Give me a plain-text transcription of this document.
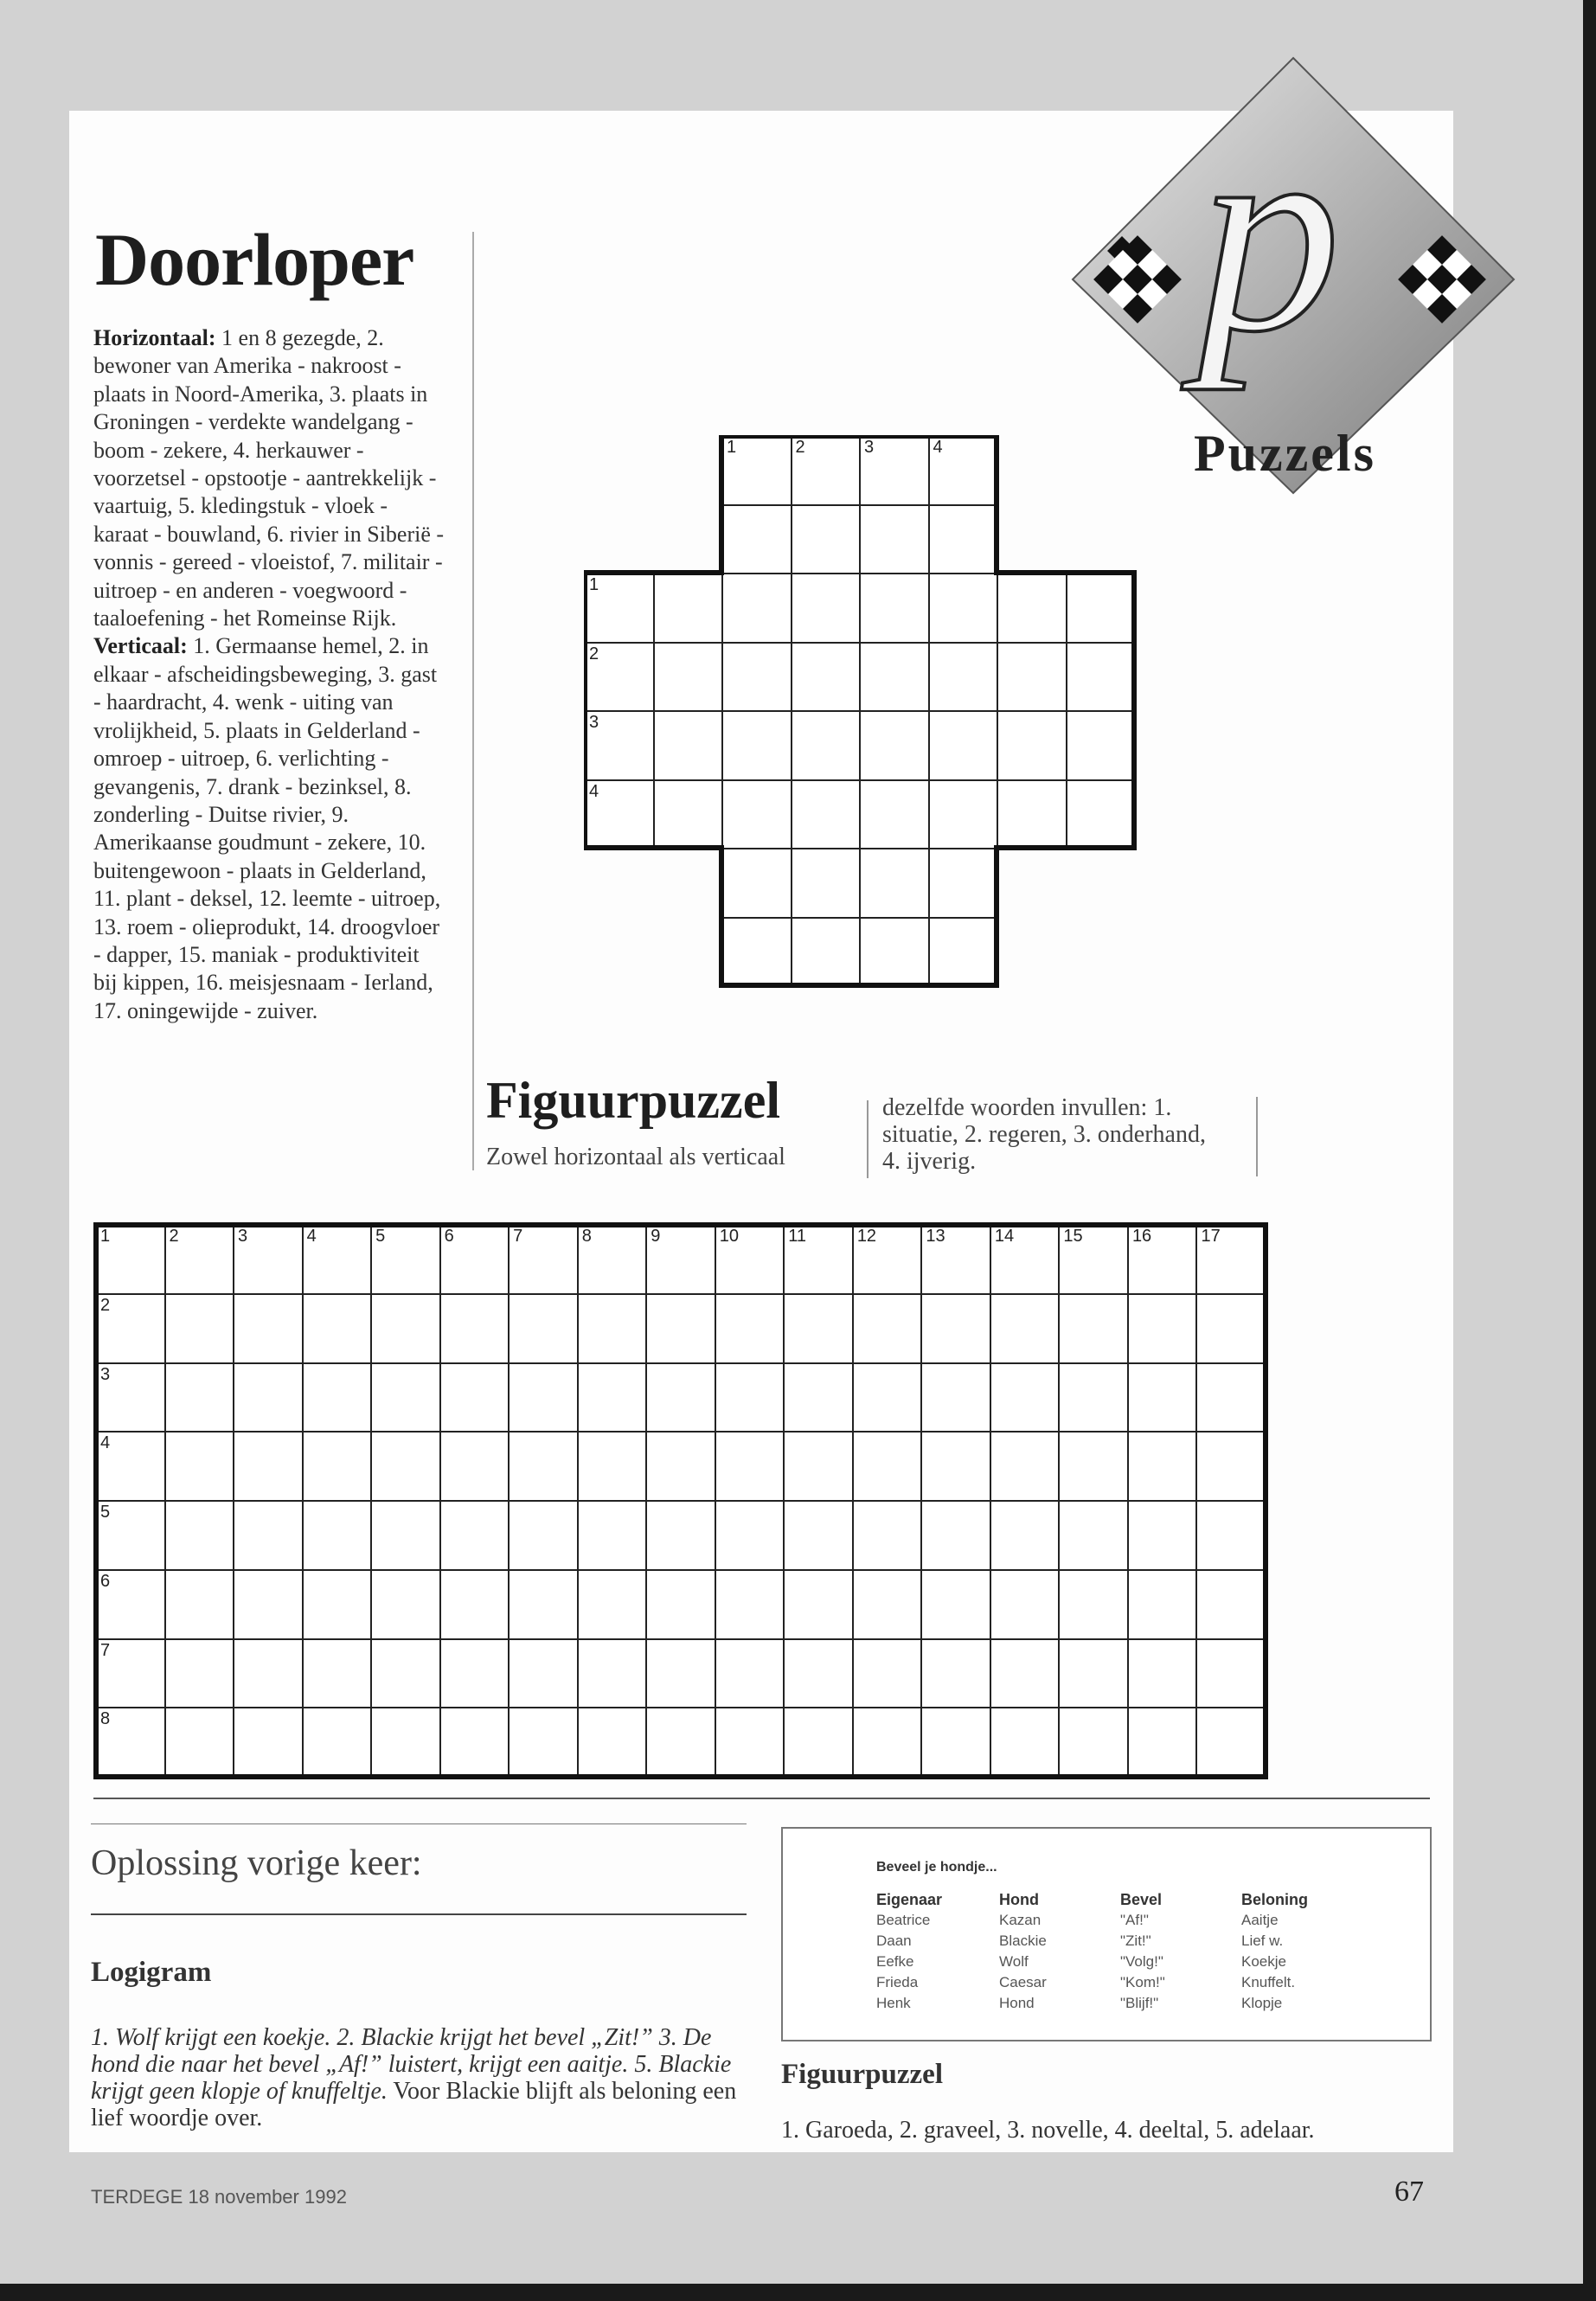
Doorloper
Horizontaal: 1 en 8 gezegde, 2. bewoner van Amerika - nakroost - plaats in Noord-Amerika, 3. plaats in Groningen - verdekte wandelgang - boom - zekere, 4. herkauwer - voorzetsel - opstootje - aantrekkelijk - vaartuig, 5. kledingstuk - vloek - karaat - bouwland, 6. rivier in Siberië - vonnis - gereed - vloeistof, 7. militair - uitroep - en anderen - voegwoord - taaloefening - het Romeinse Rijk. Verticaal: 1. Germaanse hemel, 2. in elkaar - afscheidingsbeweging, 3. gast - haardracht, 4. wenk - uiting van vrolijkheid, 5. plaats in Gelderland - omroep - uitroep, 6. verlichting - gevangenis, 7. drank - bezinksel, 8. zonderling - Duitse rivier, 9. Amerikaanse goudmunt - zekere, 10. buitengewoon - plaats in Gelderland, 11. plant - deksel, 12. leemte - uitroep, 13. roem - olieprodukt, 14. droogvloer - dapper, 15. maniak - produktiviteit bij kippen, 16. meisjesnaam - Ierland, 17. oningewijde - zuiver.
p
Puzzels
1	2	3	4
1
2
3
4
Figuurpuzzel
Zowel horizontaal als verticaal
dezelfde woorden invullen: 1. situatie, 2. regeren, 3. onderhand, 4. ijverig.
1	2	3	4	5	6	7	8	9	10	11	12	13	14	15	16	17
2
3
4
5
6
7
8
Oplossing vorige keer:
Logigram
1. Wolf krijgt een koekje. 2. Blackie krijgt het bevel „Zit!” 3. De hond die naar het bevel „Af!” luistert, krijgt een aaitje. 5. Blackie krijgt geen klopje of knuffeltje. Voor Blackie blijft als beloning een lief woordje over.
Beveel je hondje...
Eigenaar	Hond	Bevel	Beloning
Beatrice	Kazan	"Af!"	Aaitje
Daan	Blackie	"Zit!"	Lief w.
Eefke	Wolf	"Volg!"	Koekje
Frieda	Caesar	"Kom!"	Knuffelt.
Henk	Hond	"Blijf!"	Klopje
Figuurpuzzel
1. Garoeda, 2. graveel, 3. novelle, 4. deeltal, 5. adelaar.
TERDEGE 18 november 1992	67
